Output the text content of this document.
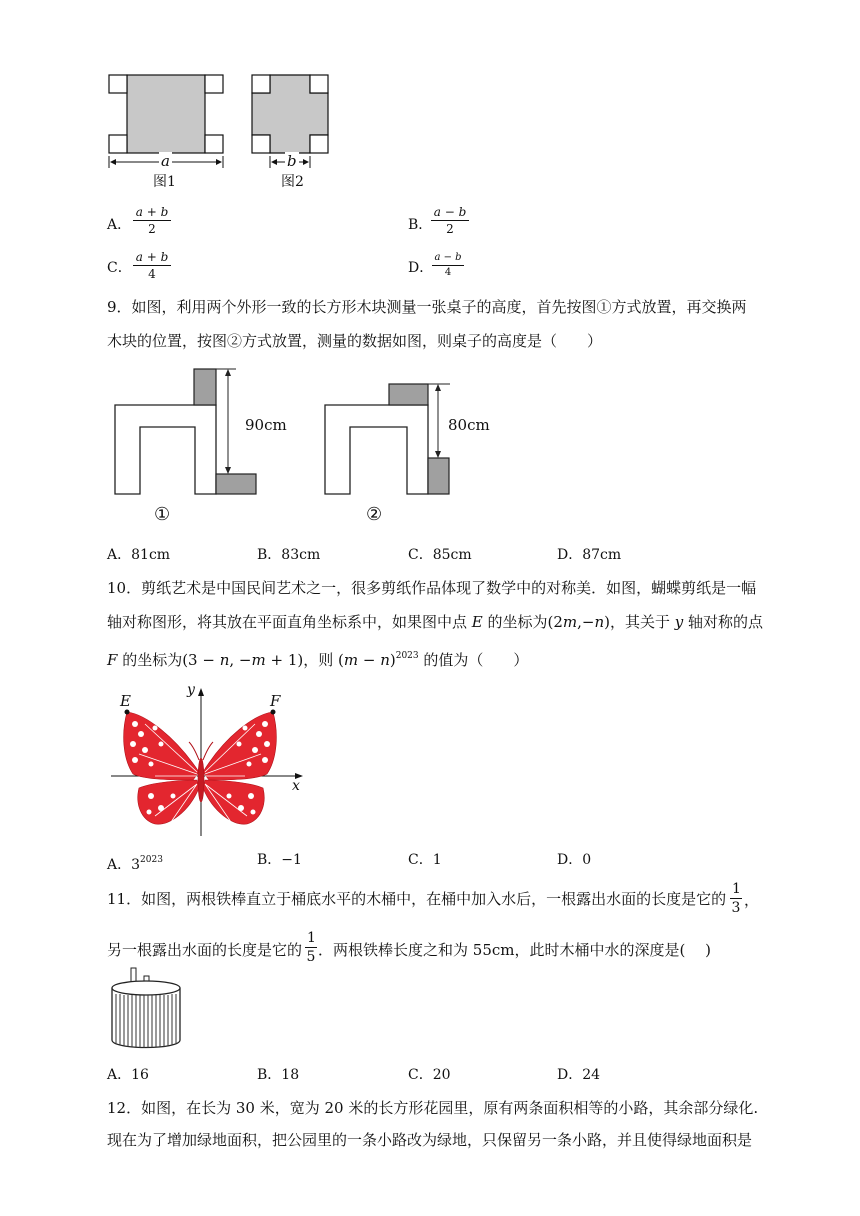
a	b
图1	图2
A．
a + b
2	B．
a − b
2
C．
a + b
4	D．
a − b
4
9．如图，利用两个外形一致的长方形木块测量一张桌子的高度，首先按图①方式放置，再交换两
木块的位置，按图②方式放置，测量的数据如图，则桌子的高度是（　　）
90cm	80cm
①	②
A．81cm	B．83cm	C．85cm	D．87cm
10．剪纸艺术是中国民间艺术之一，很多剪纸作品体现了数学中的对称美．如图，蝴蝶剪纸是一幅
轴对称图形，将其放在平面直角坐标系中，如果图中点 E 的坐标为(2m,−n)，其关于 y 轴对称的点
F 的坐标为(3 − n, −m + 1)，则 $(m - n)^{2023}$ 的值为（　　）
E	F
y
x
A．$3^{2023}$	B．−1	C．1	D．0
11．如图，两根铁棒直立于桶底水平的木桶中，在桶中加入水后，一根露出水面的长度是它的
1
3 ，
另一根露出水面的长度是它的 ．两根铁棒长度之和为 55cm，此时木桶中水的深度是(　 )
1
5
A．16	B．18	C．20	D．24
12．如图，在长为 30 米，宽为 20 米的长方形花园里，原有两条面积相等的小路，其余部分绿化.
现在为了增加绿地面积，把公园里的一条小路改为绿地，只保留另一条小路，并且使得绿地面积是
